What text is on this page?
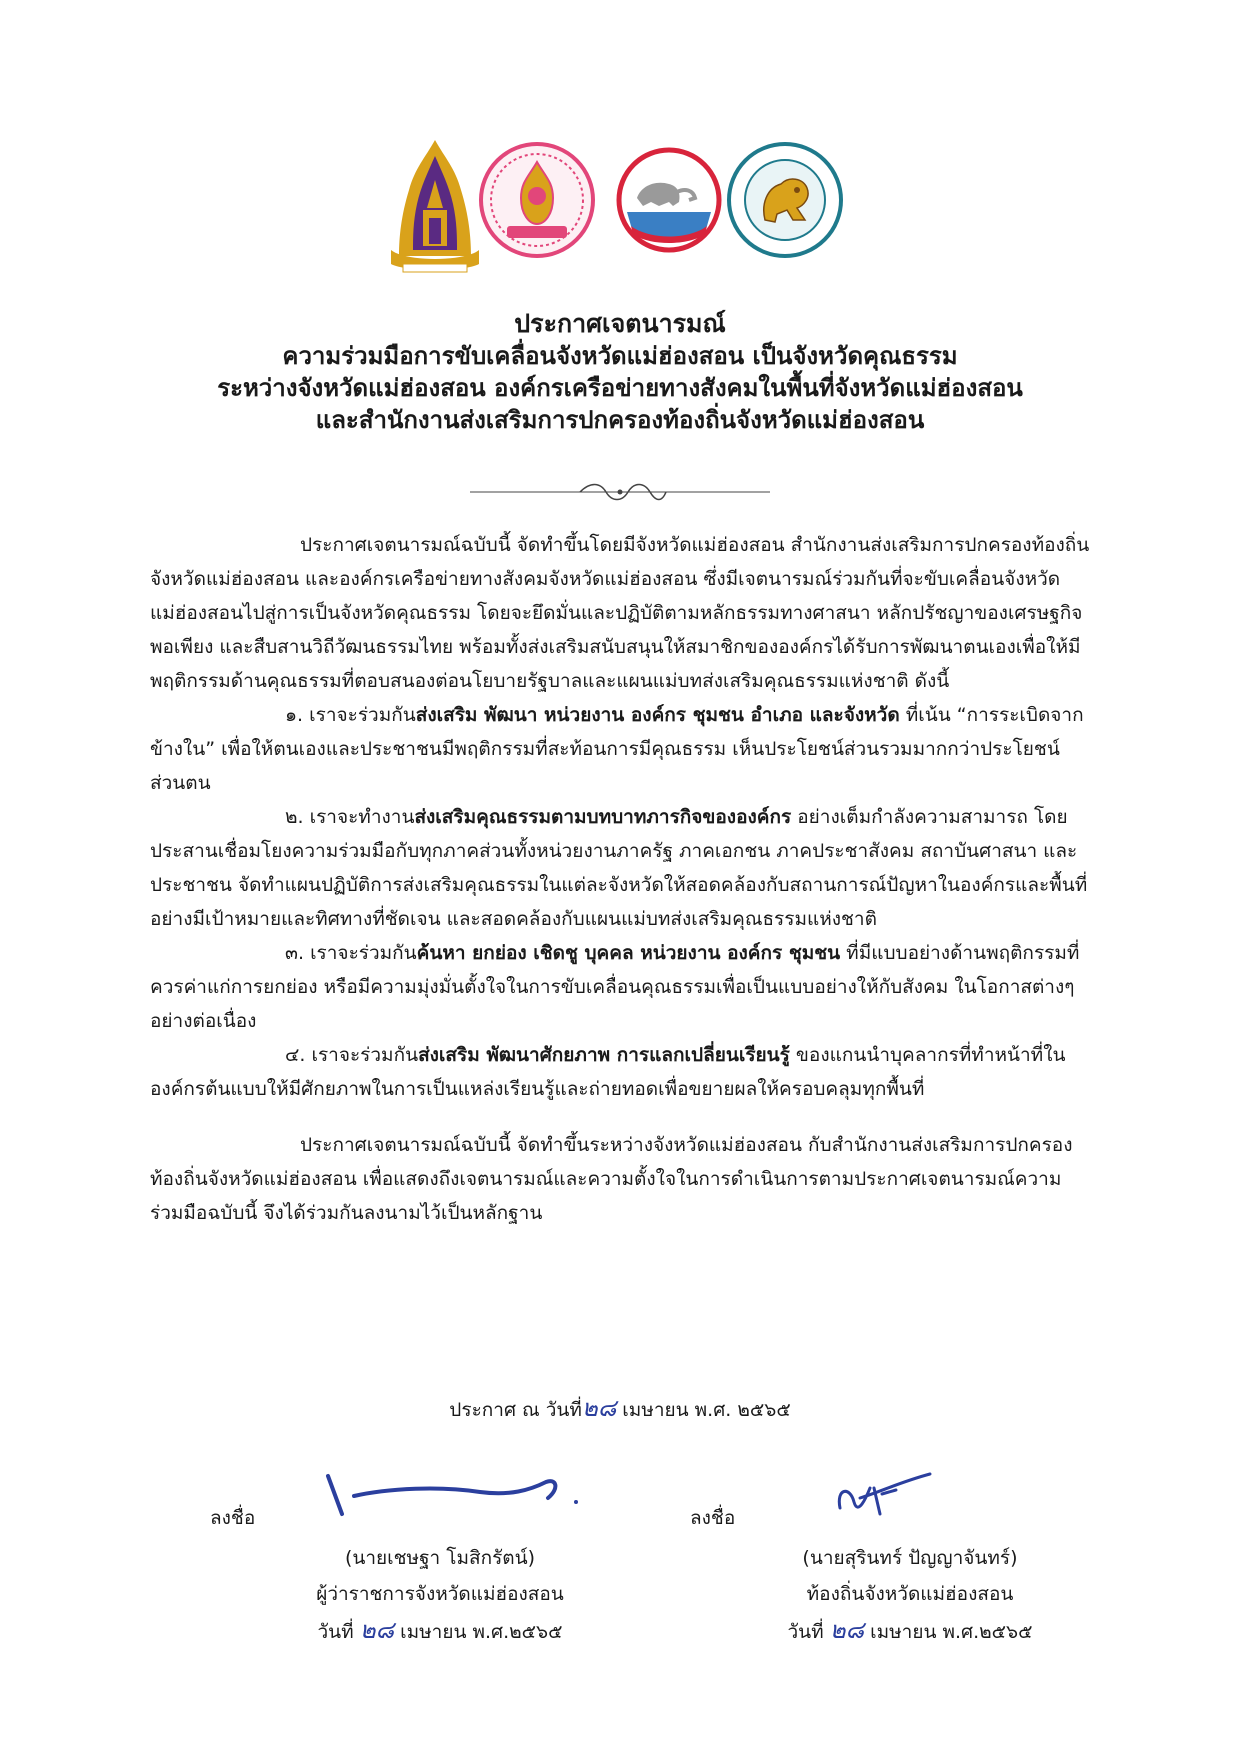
ประกาศเจตนารมณ์

ความร่วมมือการขับเคลื่อนจังหวัดแม่ฮ่องสอน เป็นจังหวัดคุณธรรม

ระหว่างจังหวัดแม่ฮ่องสอน องค์กรเครือข่ายทางสังคมในพื้นที่จังหวัดแม่ฮ่องสอน

และสำนักงานส่งเสริมการปกครองท้องถิ่นจังหวัดแม่ฮ่องสอน

ประกาศเจตนารมณ์ฉบับนี้ จัดทำขึ้นโดยมีจังหวัดแม่ฮ่องสอน สำนักงานส่งเสริมการปกครองท้องถิ่นจังหวัดแม่ฮ่องสอน และองค์กรเครือข่ายทางสังคมจังหวัดแม่ฮ่องสอน ซึ่งมีเจตนารมณ์ร่วมกันที่จะขับเคลื่อนจังหวัดแม่ฮ่องสอนไปสู่การเป็นจังหวัดคุณธรรม โดยจะยึดมั่นและปฏิบัติตามหลักธรรมทางศาสนา หลักปรัชญาของเศรษฐกิจพอเพียง และสืบสานวิถีวัฒนธรรมไทย พร้อมทั้งส่งเสริมสนับสนุนให้สมาชิกขององค์กรได้รับการพัฒนาตนเองเพื่อให้มีพฤติกรรมด้านคุณธรรมที่ตอบสนองต่อนโยบายรัฐบาลและแผนแม่บทส่งเสริมคุณธรรมแห่งชาติ ดังนี้

๑. เราจะร่วมกันส่งเสริม พัฒนา หน่วยงาน องค์กร ชุมชน อำเภอ และจังหวัด ที่เน้น “การระเบิดจากข้างใน” เพื่อให้ตนเองและประชาชนมีพฤติกรรมที่สะท้อนการมีคุณธรรม เห็นประโยชน์ส่วนรวมมากกว่าประโยชน์ส่วนตน

๒. เราจะทำงานส่งเสริมคุณธรรมตามบทบาทภารกิจขององค์กร อย่างเต็มกำลังความสามารถ โดย ประสานเชื่อมโยงความร่วมมือกับทุกภาคส่วนทั้งหน่วยงานภาครัฐ ภาคเอกชน ภาคประชาสังคม สถาบันศาสนา และประชาชน จัดทำแผนปฏิบัติการส่งเสริมคุณธรรมในแต่ละจังหวัดให้สอดคล้องกับสถานการณ์ปัญหาในองค์กรและพื้นที่อย่างมีเป้าหมายและทิศทางที่ชัดเจน และสอดคล้องกับแผนแม่บทส่งเสริมคุณธรรมแห่งชาติ

๓. เราจะร่วมกันค้นหา ยกย่อง เชิดชู บุคคล หน่วยงาน องค์กร ชุมชน ที่มีแบบอย่างด้านพฤติกรรมที่ควรค่าแก่การยกย่อง หรือมีความมุ่งมั่นตั้งใจในการขับเคลื่อนคุณธรรมเพื่อเป็นแบบอย่างให้กับสังคม ในโอกาสต่างๆ อย่างต่อเนื่อง

๔. เราจะร่วมกันส่งเสริม พัฒนาศักยภาพ การแลกเปลี่ยนเรียนรู้ ของแกนนำบุคลากรที่ทำหน้าที่ในองค์กรต้นแบบให้มีศักยภาพในการเป็นแหล่งเรียนรู้และถ่ายทอดเพื่อขยายผลให้ครอบคลุมทุกพื้นที่

ประกาศเจตนารมณ์ฉบับนี้ จัดทำขึ้นระหว่างจังหวัดแม่ฮ่องสอน กับสำนักงานส่งเสริมการปกครองท้องถิ่นจังหวัดแม่ฮ่องสอน เพื่อแสดงถึงเจตนารมณ์และความตั้งใจในการดำเนินการตามประกาศเจตนารมณ์ความร่วมมือฉบับนี้ จึงได้ร่วมกันลงนามไว้เป็นหลักฐาน

ประกาศ ณ วันที่๒๘ เมษายน พ.ศ. ๒๕๖๕
ลงชื่อ
(นายเชษฐา โมสิกรัตน์)
ผู้ว่าราชการจังหวัดแม่ฮ่องสอน
วันที่ ๒๘ เมษายน พ.ศ.๒๕๖๕
ลงชื่อ
(นายสุรินทร์ ปัญญาจันทร์)
ท้องถิ่นจังหวัดแม่ฮ่องสอน
วันที่ ๒๘ เมษายน พ.ศ.๒๕๖๕
